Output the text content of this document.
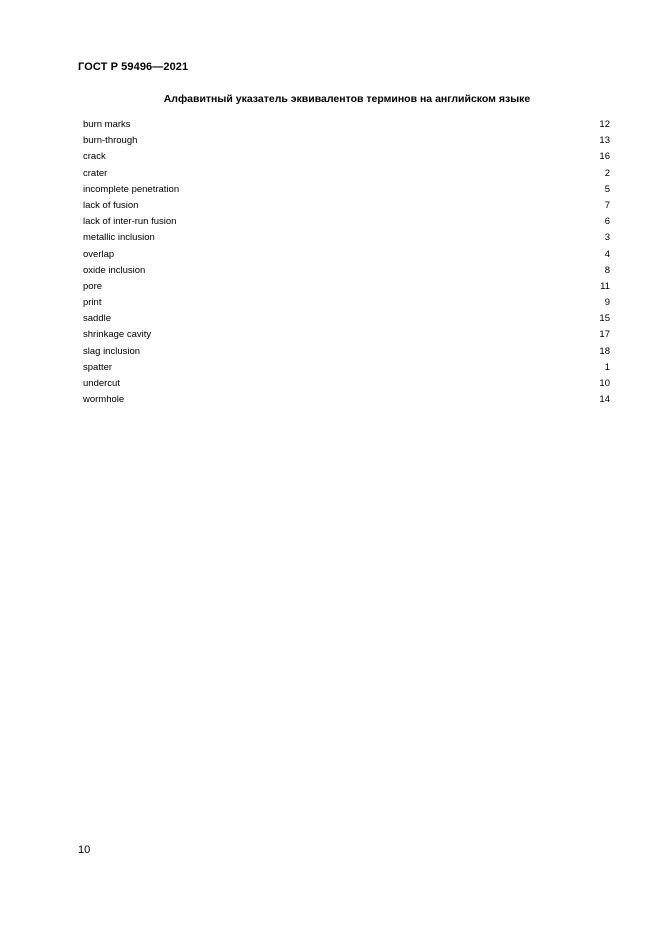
ГОСТ Р 59496—2021
Алфавитный указатель эквивалентов терминов на английском языке
burn marks	12
burn-through	13
crack	16
crater	2
incomplete penetration	5
lack of fusion	7
lack of inter-run fusion	6
metallic inclusion	3
overlap	4
oxide inclusion	8
pore	11
print	9
saddle	15
shrinkage cavity	17
slag inclusion	18
spatter	1
undercut	10
wormhole	14
10
